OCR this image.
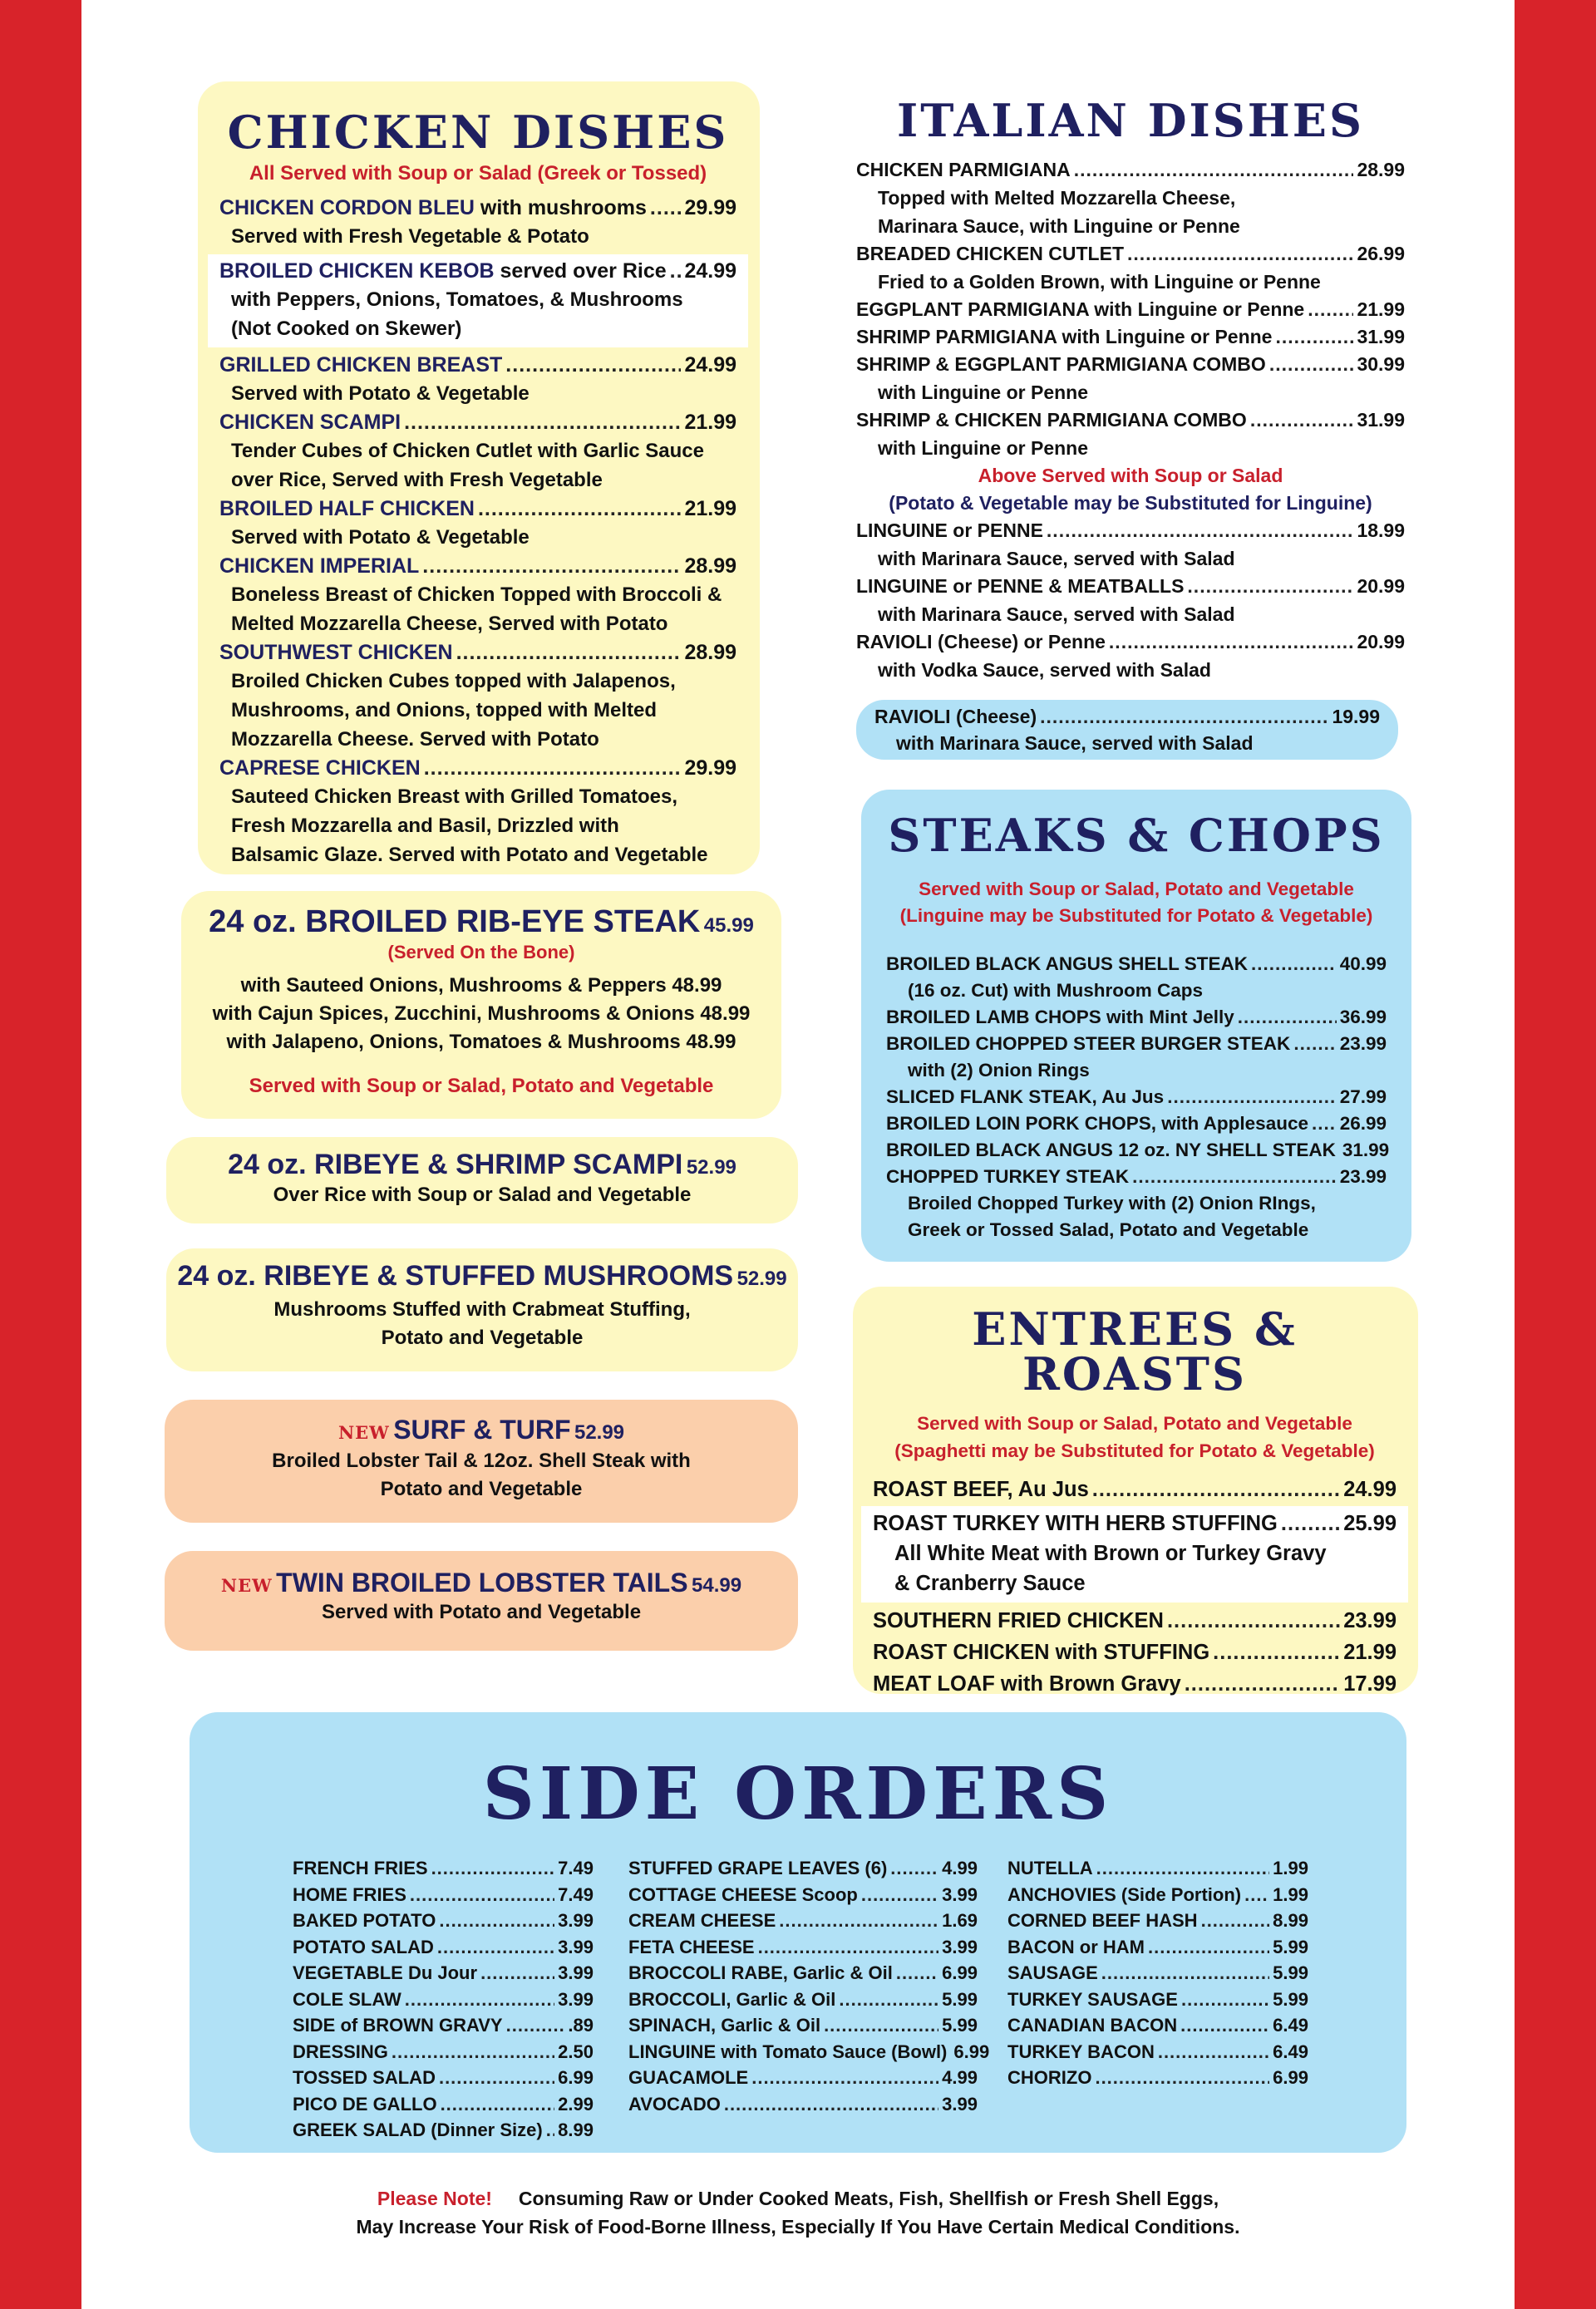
CHICKEN DISHES
All Served with Soup or Salad (Greek or Tossed)
CHICKEN CORDON BLEU with mushrooms ..... 29.99
Served with Fresh Vegetable & Potato
BROILED CHICKEN KEBOB served over Rice ..... 24.99
with Peppers, Onions, Tomatoes, & Mushrooms
(Not Cooked on Skewer)
GRILLED CHICKEN BREAST .....	24.99
Served with Potato & Vegetable
CHICKEN SCAMPI .....	21.99
Tender Cubes of Chicken Cutlet with Garlic Sauce
over Rice, Served with Fresh Vegetable
BROILED HALF CHICKEN .....	21.99
Served with Potato & Vegetable
CHICKEN IMPERIAL .....	28.99
Boneless Breast of Chicken Topped with Broccoli &
Melted Mozzarella Cheese, Served with Potato
SOUTHWEST CHICKEN .....	28.99
Broiled Chicken Cubes topped with Jalapenos,
Mushrooms, and Onions, topped with Melted
Mozzarella Cheese. Served with Potato
CAPRESE CHICKEN .....	29.99
Sauteed Chicken Breast with Grilled Tomatoes,
Fresh Mozzarella and Basil, Drizzled with
Balsamic Glaze. Served with Potato and Vegetable
ITALIAN DISHES
CHICKEN PARMIGIANA .....	28.99
Topped with Melted Mozzarella Cheese,
Marinara Sauce, with Linguine or Penne
BREADED CHICKEN CUTLET .....	26.99
Fried to a Golden Brown, with Linguine or Penne
EGGPLANT PARMIGIANA with Linguine or Penne .....	21.99
SHRIMP PARMIGIANA with Linguine or Penne .....	31.99
SHRIMP & EGGPLANT PARMIGIANA COMBO .....	30.99
with Linguine or Penne
SHRIMP & CHICKEN PARMIGIANA COMBO .....	31.99
with Linguine or Penne
Above Served with Soup or Salad
(Potato & Vegetable may be Substituted for Linguine)
LINGUINE or PENNE .....	18.99
with Marinara Sauce, served with Salad
LINGUINE or PENNE & MEATBALLS .....	20.99
with Marinara Sauce, served with Salad
RAVIOLI (Cheese) or Penne .....	20.99
with Vodka Sauce, served with Salad
RAVIOLI (Cheese) .....	19.99
with Marinara Sauce, served with Salad
STEAKS & CHOPS
Served with Soup or Salad, Potato and Vegetable
(Linguine may be Substituted for Potato & Vegetable)
BROILED BLACK ANGUS SHELL STEAK .....	40.99
(16 oz. Cut) with Mushroom Caps
BROILED LAMB CHOPS with Mint Jelly .....	36.99
BROILED CHOPPED STEER BURGER STEAK .....	23.99
with (2) Onion Rings
SLICED FLANK STEAK, Au Jus .....	27.99
BROILED LOIN PORK CHOPS, with Applesauce ..... 26.99
BROILED BLACK ANGUS 12 oz. NY SHELL STEAK 31.99
CHOPPED TURKEY STEAK .....	23.99
Broiled Chopped Turkey with (2) Onion RIngs,
Greek or Tossed Salad, Potato and Vegetable
ENTREES & ROASTS
Served with Soup or Salad, Potato and Vegetable
(Spaghetti may be Substituted for Potato & Vegetable)
ROAST BEEF, Au Jus .....	24.99
ROAST TURKEY WITH HERB STUFFING .....	25.99
All White Meat with Brown or Turkey Gravy
& Cranberry Sauce
SOUTHERN FRIED CHICKEN .....	23.99
ROAST CHICKEN with STUFFING .....	21.99
MEAT LOAF with Brown Gravy .....	17.99
24 oz. BROILED RIB-EYE STEAK 45.99
(Served On the Bone)
with Sauteed Onions, Mushrooms & Peppers 48.99
with Cajun Spices, Zucchini, Mushrooms & Onions 48.99
with Jalapeno, Onions, Tomatoes & Mushrooms 48.99
Served with Soup or Salad, Potato and Vegetable
24 oz. RIBEYE & SHRIMP SCAMPI 52.99
Over Rice with Soup or Salad and Vegetable
24 oz. RIBEYE & STUFFED MUSHROOMS 52.99
Mushrooms Stuffed with Crabmeat Stuffing,
Potato and Vegetable
NEW SURF & TURF 52.99
Broiled Lobster Tail & 12oz. Shell Steak with
Potato and Vegetable
NEW TWIN BROILED LOBSTER TAILS 54.99
Served with Potato and Vegetable
SIDE ORDERS
FRENCH FRIES .....	7.49
HOME FRIES .....	7.49
BAKED POTATO .....	3.99
POTATO SALAD .....	3.99
VEGETABLE Du Jour .....	3.99
COLE SLAW .....	3.99
SIDE of BROWN GRAVY .....	.89
DRESSING .....	2.50
TOSSED SALAD .....	6.99
PICO DE GALLO .....	2.99
GREEK SALAD (Dinner Size) ..... 8.99
STUFFED GRAPE LEAVES (6) .....	4.99
COTTAGE CHEESE Scoop .....	3.99
CREAM CHEESE .....	1.69
FETA CHEESE .....	3.99
BROCCOLI RABE, Garlic & Oil .....	6.99
BROCCOLI, Garlic & Oil .....	5.99
SPINACH, Garlic & Oil .....	5.99
LINGUINE with Tomato Sauce (Bowl) 6.99
GUACAMOLE .....	4.99
AVOCADO .....	3.99
NUTELLA .....	1.99
ANCHOVIES (Side Portion) ..... 1.99
CORNED BEEF HASH .....	8.99
BACON or HAM .....	5.99
SAUSAGE .....	5.99
TURKEY SAUSAGE .....	5.99
CANADIAN BACON .....	6.49
TURKEY BACON .....	6.49
CHORIZO .....	6.99
Please Note! Consuming Raw or Under Cooked Meats, Fish, Shellfish or Fresh Shell Eggs,
May Increase Your Risk of Food-Borne Illness, Especially If You Have Certain Medical Conditions.
